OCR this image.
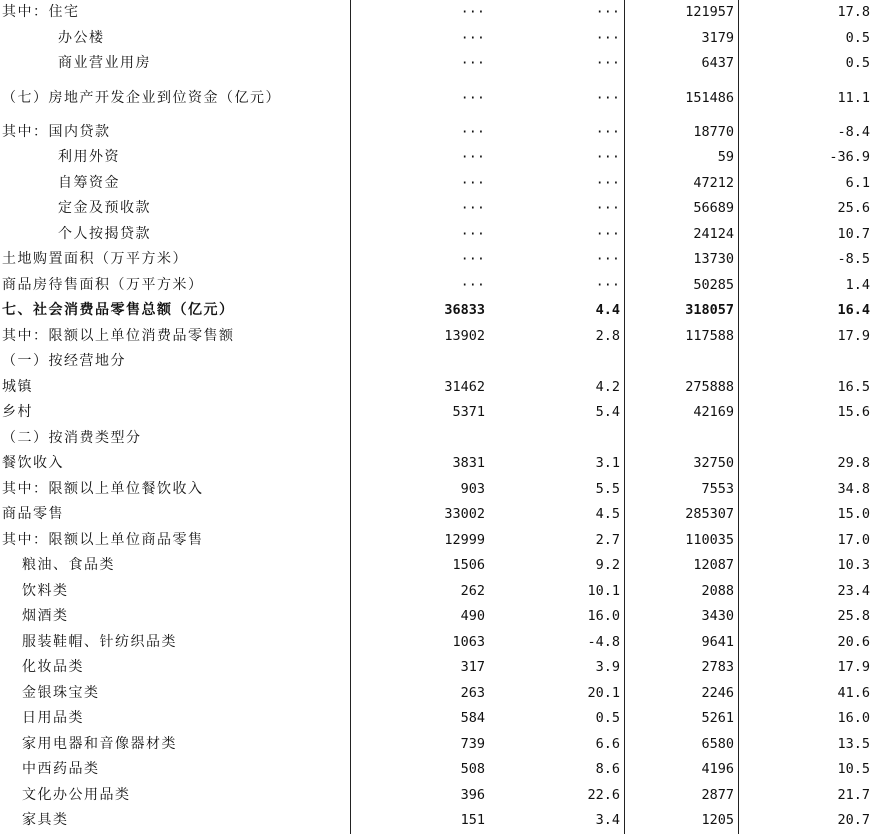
其中：住宅	···	···	121957	17.8
办公楼	···	···	3179	0.5
商业营业用房	···	···	6437	0.5
（七）房地产开发企业到位资金（亿元）	···	···	151486	11.1
其中：国内贷款	···	···	18770	-8.4
利用外资	···	···	59	-36.9
自筹资金	···	···	47212	6.1
定金及预收款	···	···	56689	25.6
个人按揭贷款	···	···	24124	10.7
土地购置面积（万平方米）	···	···	13730	-8.5
商品房待售面积（万平方米）	···	···	50285	1.4
七、社会消费品零售总额（亿元）	36833	4.4	318057	16.4
其中：限额以上单位消费品零售额	13902	2.8	117588	17.9
（一）按经营地分				
城镇	31462	4.2	275888	16.5
乡村	5371	5.4	42169	15.6
（二）按消费类型分				
餐饮收入	3831	3.1	32750	29.8
其中：限额以上单位餐饮收入	903	5.5	7553	34.8
商品零售	33002	4.5	285307	15.0
其中：限额以上单位商品零售	12999	2.7	110035	17.0
粮油、食品类	1506	9.2	12087	10.3
饮料类	262	10.1	2088	23.4
烟酒类	490	16.0	3430	25.8
服装鞋帽、针纺织品类	1063	-4.8	9641	20.6
化妆品类	317	3.9	2783	17.9
金银珠宝类	263	20.1	2246	41.6
日用品类	584	0.5	5261	16.0
家用电器和音像器材类	739	6.6	6580	13.5
中西药品类	508	8.6	4196	10.5
文化办公用品类	396	22.6	2877	21.7
家具类	151	3.4	1205	20.7
